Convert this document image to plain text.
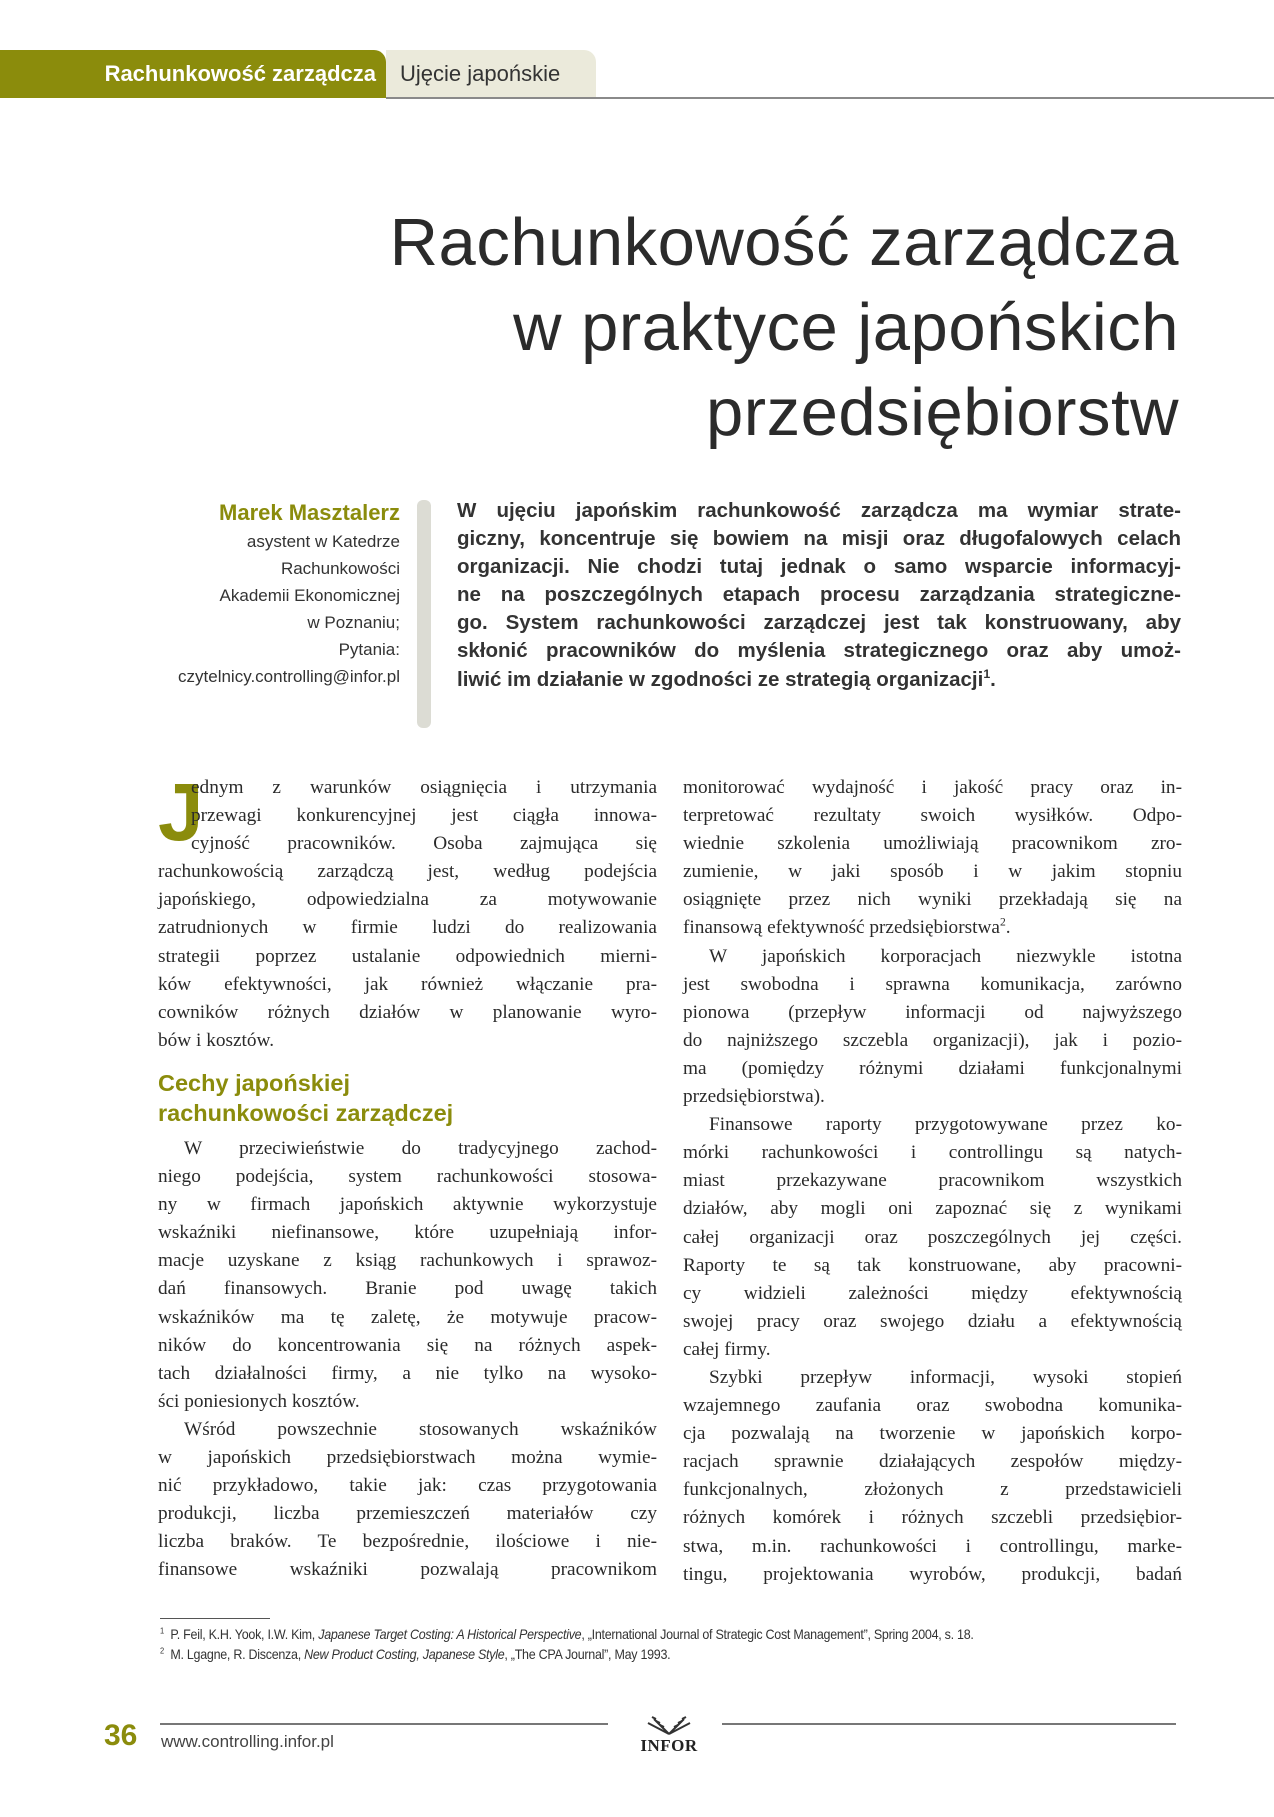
Rachunkowość zarządcza Ujęcie japońskie
Rachunkowość zarządcza
w praktyce japońskich
przedsiębiorstw
Marek Masztalerz
asystent w Katedrze
Rachunkowości
Akademii Ekonomicznej
w Poznaniu;
Pytania:
czytelnicy.controlling@infor.pl
W ujęciu japońskim rachunkowość zarządcza ma wymiar strate-
giczny, koncentruje się bowiem na misji oraz długofalowych celach
organizacji. Nie chodzi tutaj jednak o samo wsparcie informacyj-
ne na poszczególnych etapach procesu zarządzania strategiczne-
go. System rachunkowości zarządczej jest tak konstruowany, aby
skłonić pracowników do myślenia strategicznego oraz aby umoż-
liwić im działanie w zgodności ze strategią organizacji$^1$.
J
ednym z warunków osiągnięcia i utrzymania
przewagi konkurencyjnej jest ciągła innowa-
cyjność pracowników. Osoba zajmująca się
rachunkowością zarządczą jest, według podejścia
japońskiego, odpowiedzialna za motywowanie
zatrudnionych w firmie ludzi do realizowania
strategii poprzez ustalanie odpowiednich mierni-
ków efektywności, jak również włączanie pra-
cowników różnych działów w planowanie wyro-
bów i kosztów.
Cechy japońskiej
rachunkowości zarządczej
W przeciwieństwie do tradycyjnego zachod-
niego podejścia, system rachunkowości stosowa-
ny w firmach japońskich aktywnie wykorzystuje
wskaźniki niefinansowe, które uzupełniają infor-
macje uzyskane z ksiąg rachunkowych i sprawoz-
dań finansowych. Branie pod uwagę takich
wskaźników ma tę zaletę, że motywuje pracow-
ników do koncentrowania się na różnych aspek-
tach działalności firmy, a nie tylko na wysoko-
ści poniesionych kosztów.
Wśród powszechnie stosowanych wskaźników
w japońskich przedsiębiorstwach można wymie-
nić przykładowo, takie jak: czas przygotowania
produkcji, liczba przemieszczeń materiałów czy
liczba braków. Te bezpośrednie, ilościowe i nie-
finansowe wskaźniki pozwalają pracownikom
monitorować wydajność i jakość pracy oraz in-
terpretować rezultaty swoich wysiłków. Odpo-
wiednie szkolenia umożliwiają pracownikom zro-
zumienie, w jaki sposób i w jakim stopniu
osiągnięte przez nich wyniki przekładają się na
finansową efektywność przedsiębiorstwa$^2$.
W japońskich korporacjach niezwykle istotna
jest swobodna i sprawna komunikacja, zarówno
pionowa (przepływ informacji od najwyższego
do najniższego szczebla organizacji), jak i pozio-
ma (pomiędzy różnymi działami funkcjonalnymi
przedsiębiorstwa).
Finansowe raporty przygotowywane przez ko-
mórki rachunkowości i controllingu są natych-
miast przekazywane pracownikom wszystkich
działów, aby mogli oni zapoznać się z wynikami
całej organizacji oraz poszczególnych jej części.
Raporty te są tak konstruowane, aby pracowni-
cy widzieli zależności między efektywnością
swojej pracy oraz swojego działu a efektywnością
całej firmy.
Szybki przepływ informacji, wysoki stopień
wzajemnego zaufania oraz swobodna komunika-
cja pozwalają na tworzenie w japońskich korpo-
racjach sprawnie działających zespołów między-
funkcjonalnych, złożonych z przedstawicieli
różnych komórek i różnych szczebli przedsiębior-
stwa, m.in. rachunkowości i controllingu, marke-
tingu, projektowania wyrobów, produkcji, badań
$^1$ P. Feil, K.H. Yook, I.W. Kim, Japanese Target Costing: A Historical Perspective, „International Journal of Strategic Cost Management”, Spring 2004, s. 18.
$^2$ M. Lgagne, R. Discenza, New Product Costing, Japanese Style, „The CPA Journal”, May 1993.
36 www.controlling.infor.pl	INFOR
